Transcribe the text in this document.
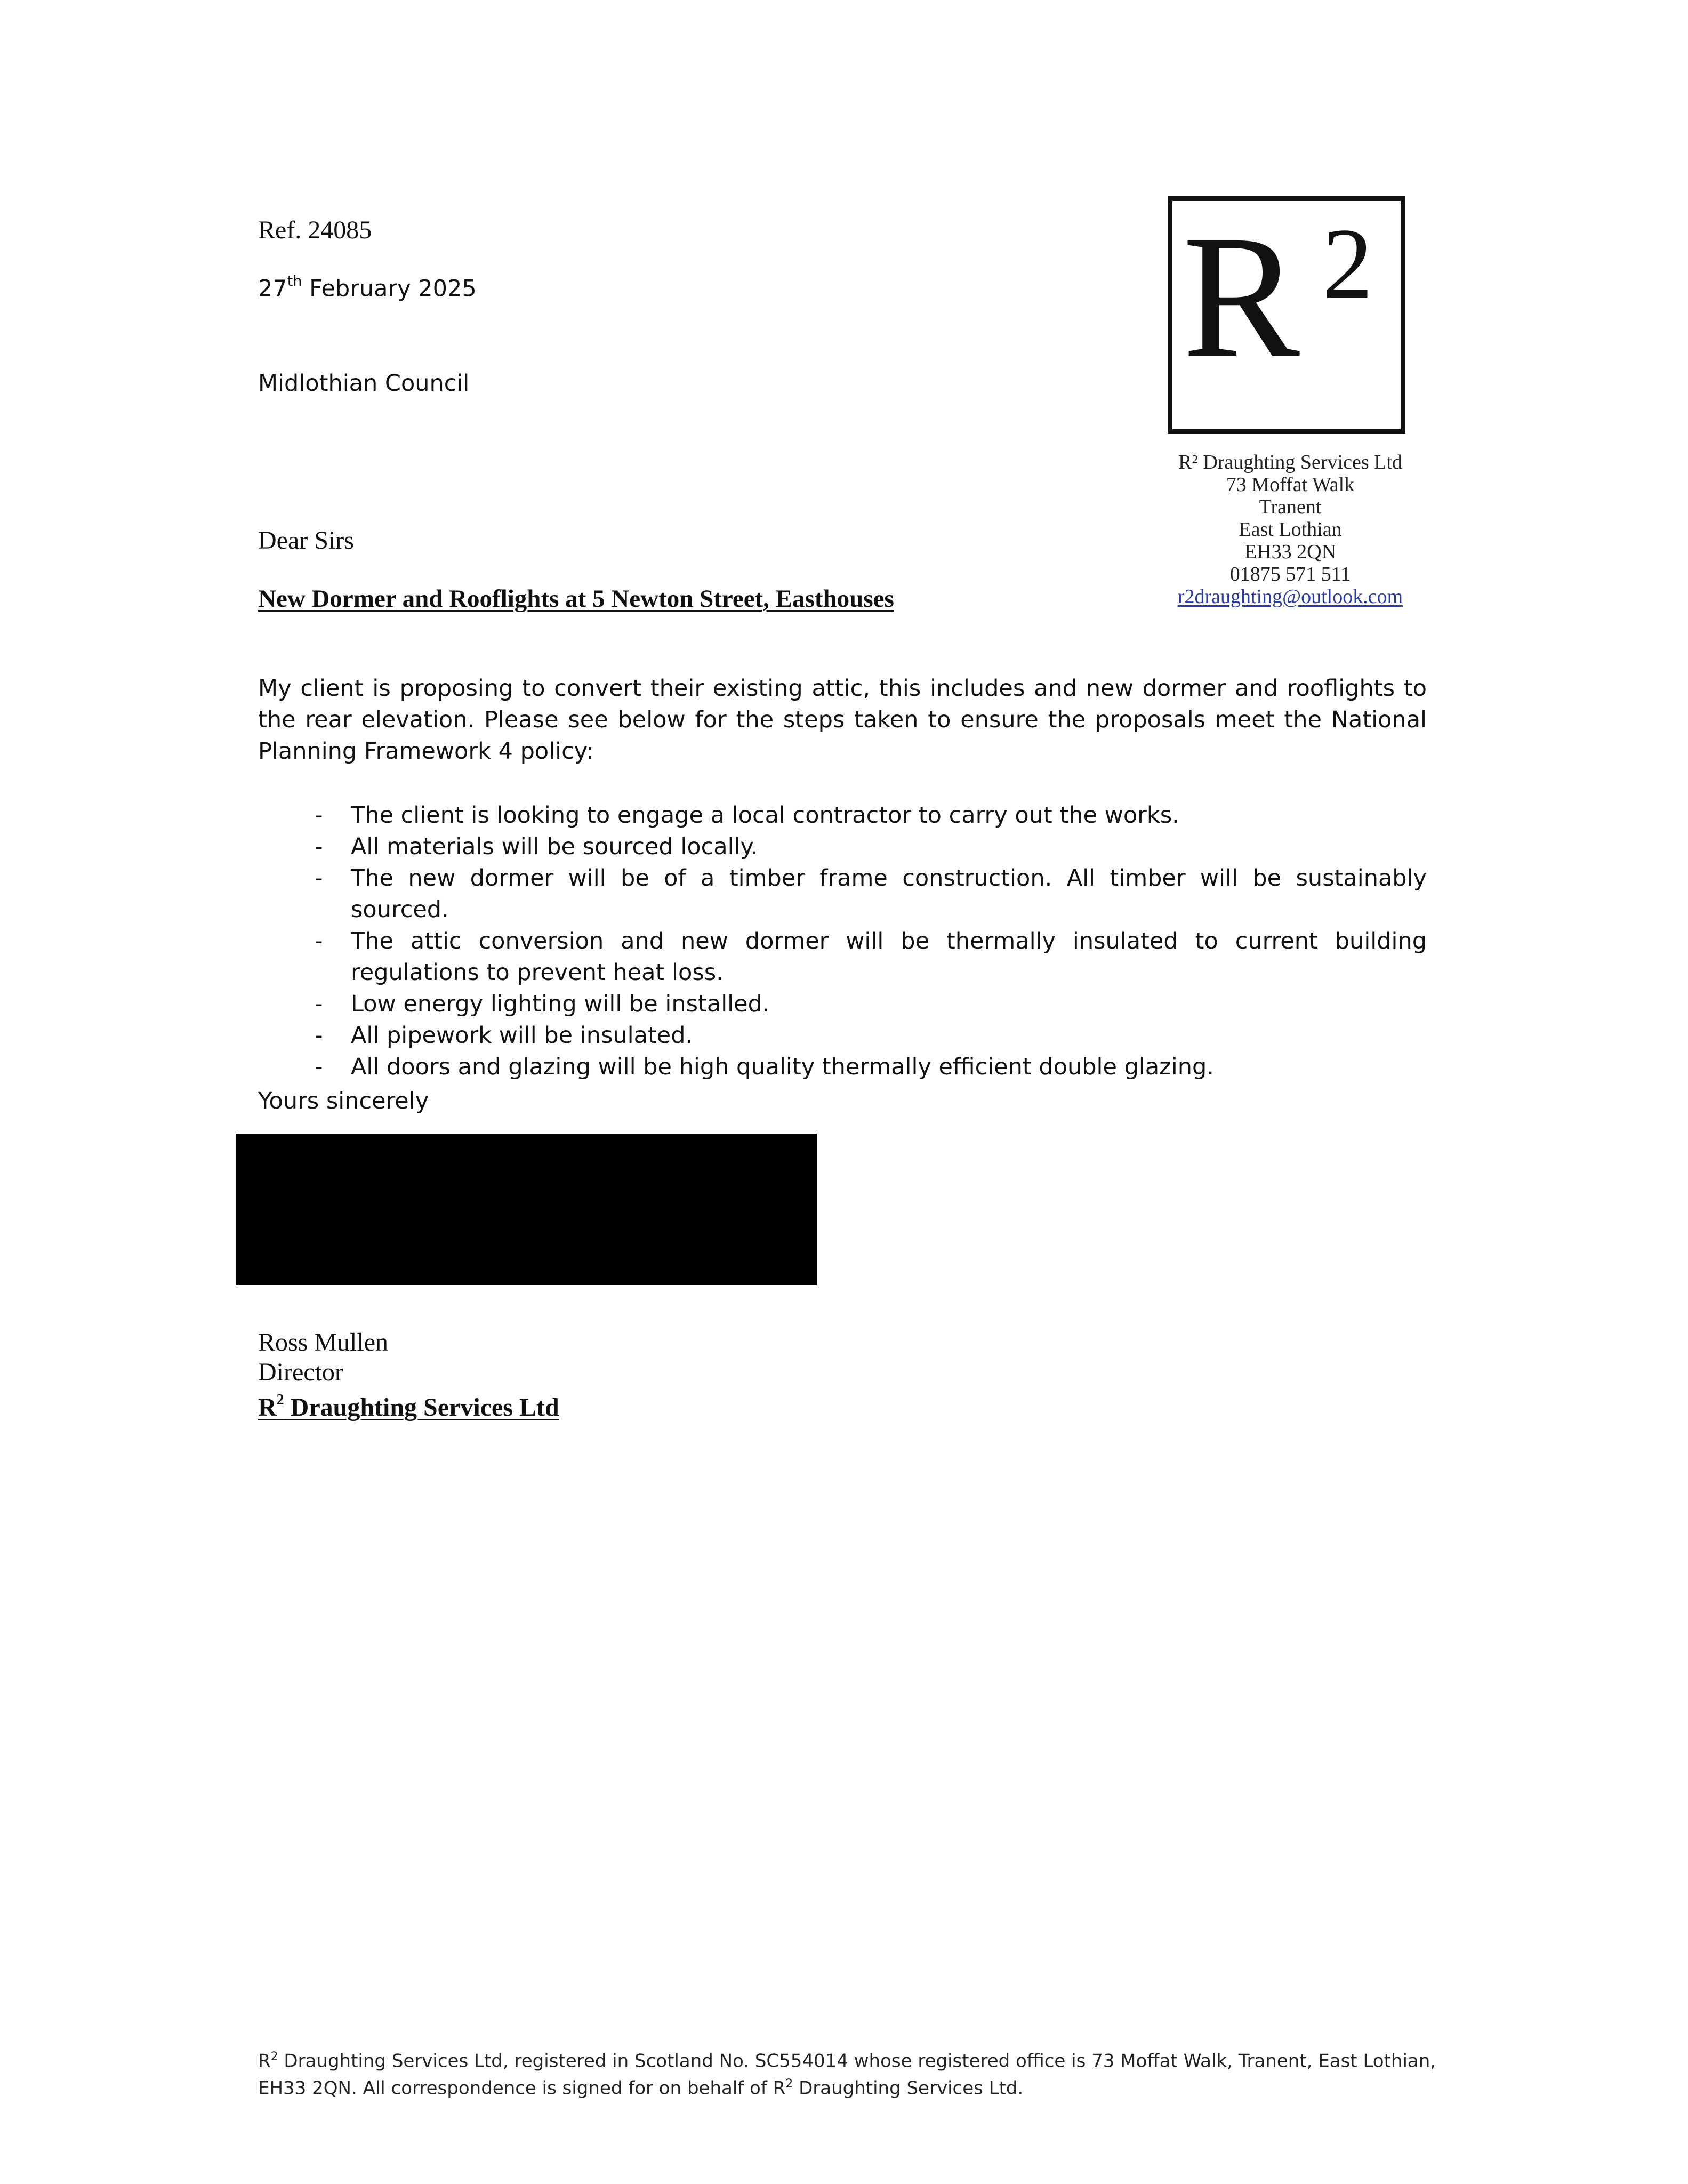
Ref. 24085
27th February 2025
Midlothian Council	R 2
R² Draughting Services Ltd
73 Moffat Walk
Tranent
East Lothian
EH33 2QN
01875 571 511
r2draughting@outlook.com
Dear Sirs
New Dormer and Rooflights at 5 Newton Street, Easthouses
My client is proposing to convert their existing attic, this includes and new dormer and rooflights to the rear elevation. Please see below for the steps taken to ensure the proposals meet the National Planning Framework 4 policy:
- The client is looking to engage a local contractor to carry out the works.
- All materials will be sourced locally.
- The new dormer will be of a timber frame construction. All timber will be sustainably sourced.
- The attic conversion and new dormer will be thermally insulated to current building regulations to prevent heat loss.
- Low energy lighting will be installed.
- All pipework will be insulated.
- All doors and glazing will be high quality thermally efficient double glazing.
Yours sincerely
Ross Mullen
Director
$R^2$ Draughting Services Ltd
$R^2$ Draughting Services Ltd, registered in Scotland No. SC554014 whose registered office is 73 Moffat Walk, Tranent, East Lothian,
EH33 2QN. All correspondence is signed for on behalf of $R^2$ Draughting Services Ltd.
